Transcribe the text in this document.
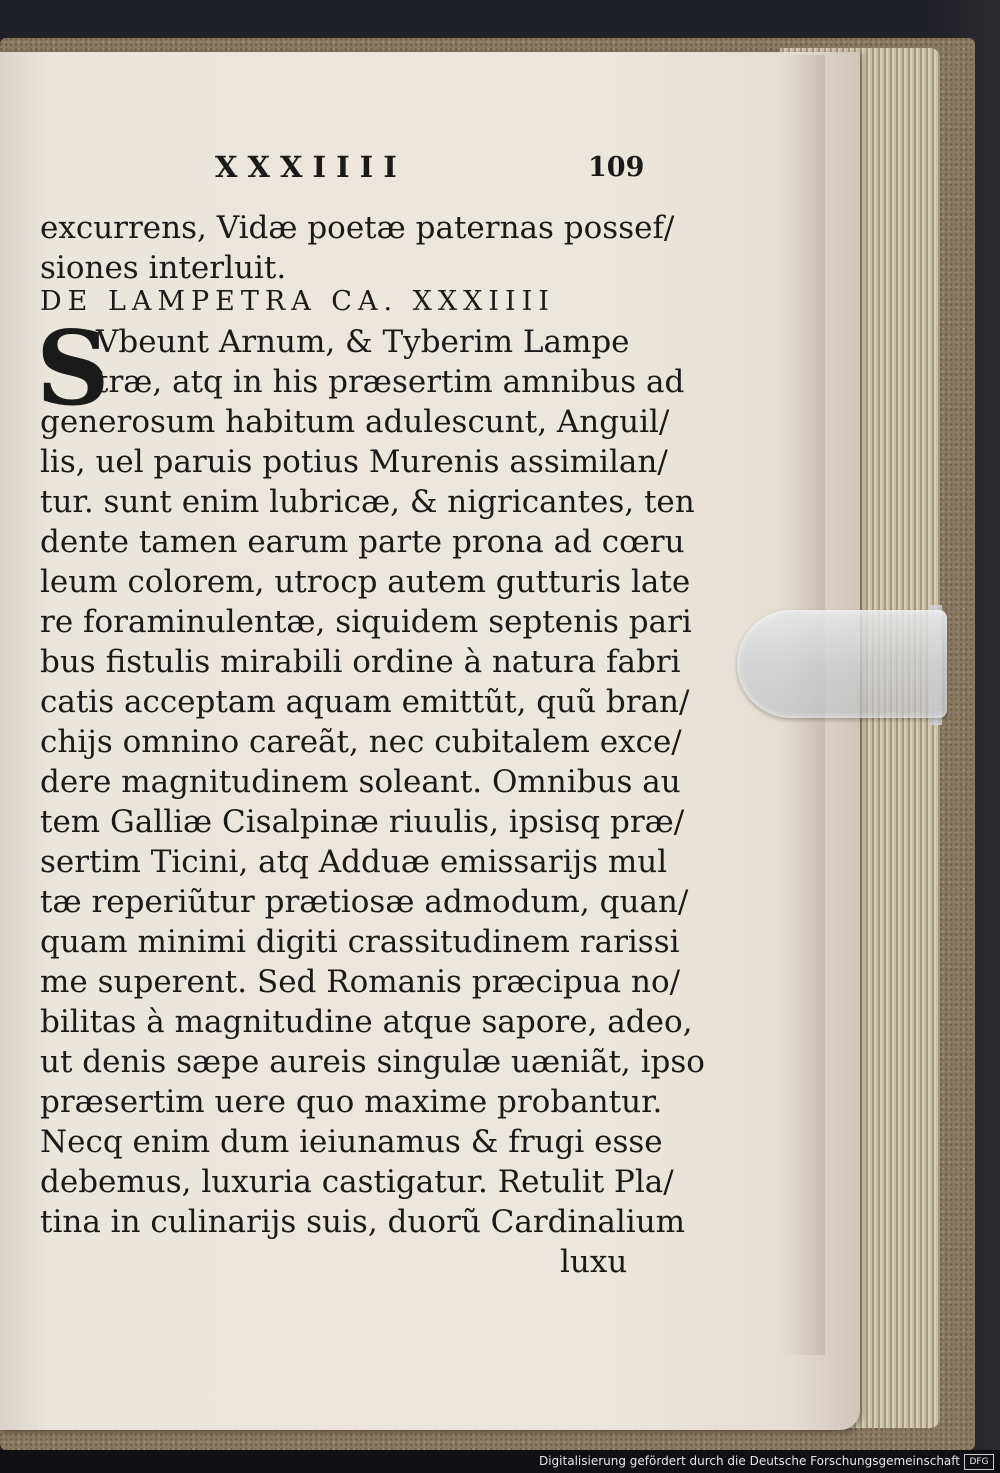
XXXIIII	109

excurrens, Vidæ poetæ paternas possef/

siones interluit.

DE LAMPETRA CA. XXXIIII

S

Vbeunt Arnum, & Tyberim Lampe

træ, atq in his præsertim amnibus ad

generosum habitum adulescunt, Anguil/

lis, uel paruis potius Murenis assimilan/

tur. sunt enim lubricæ, & nigricantes, ten

dente tamen earum parte prona ad cœru

leum colorem, utrocp autem gutturis late

re foraminulentæ, siquidem septenis pari

bus fistulis mirabili ordine à natura fabri

catis acceptam aquam emittũt, quũ bran/

chijs omnino careãt, nec cubitalem exce/

dere magnitudinem soleant. Omnibus au

tem Galliæ Cisalpinæ riuulis, ipsisq præ/

sertim Ticini, atq Adduæ emissarijs mul

tæ reperiũtur prætiosæ admodum, quan/

quam minimi digiti crassitudinem rarissi

me superent. Sed Romanis præcipua no/

bilitas à magnitudine atque sapore, adeo,

ut denis sæpe aureis singulæ uæniãt, ipso

præsertim uere quo maxime probantur.

Necq enim dum ieiunamus & frugi esse

debemus, luxuria castigatur. Retulit Pla/

tina in culinarijs suis, duorũ Cardinalium

luxu

Digitalisierung gefördert durch die Deutsche Forschungsgemeinschaft	DFG
